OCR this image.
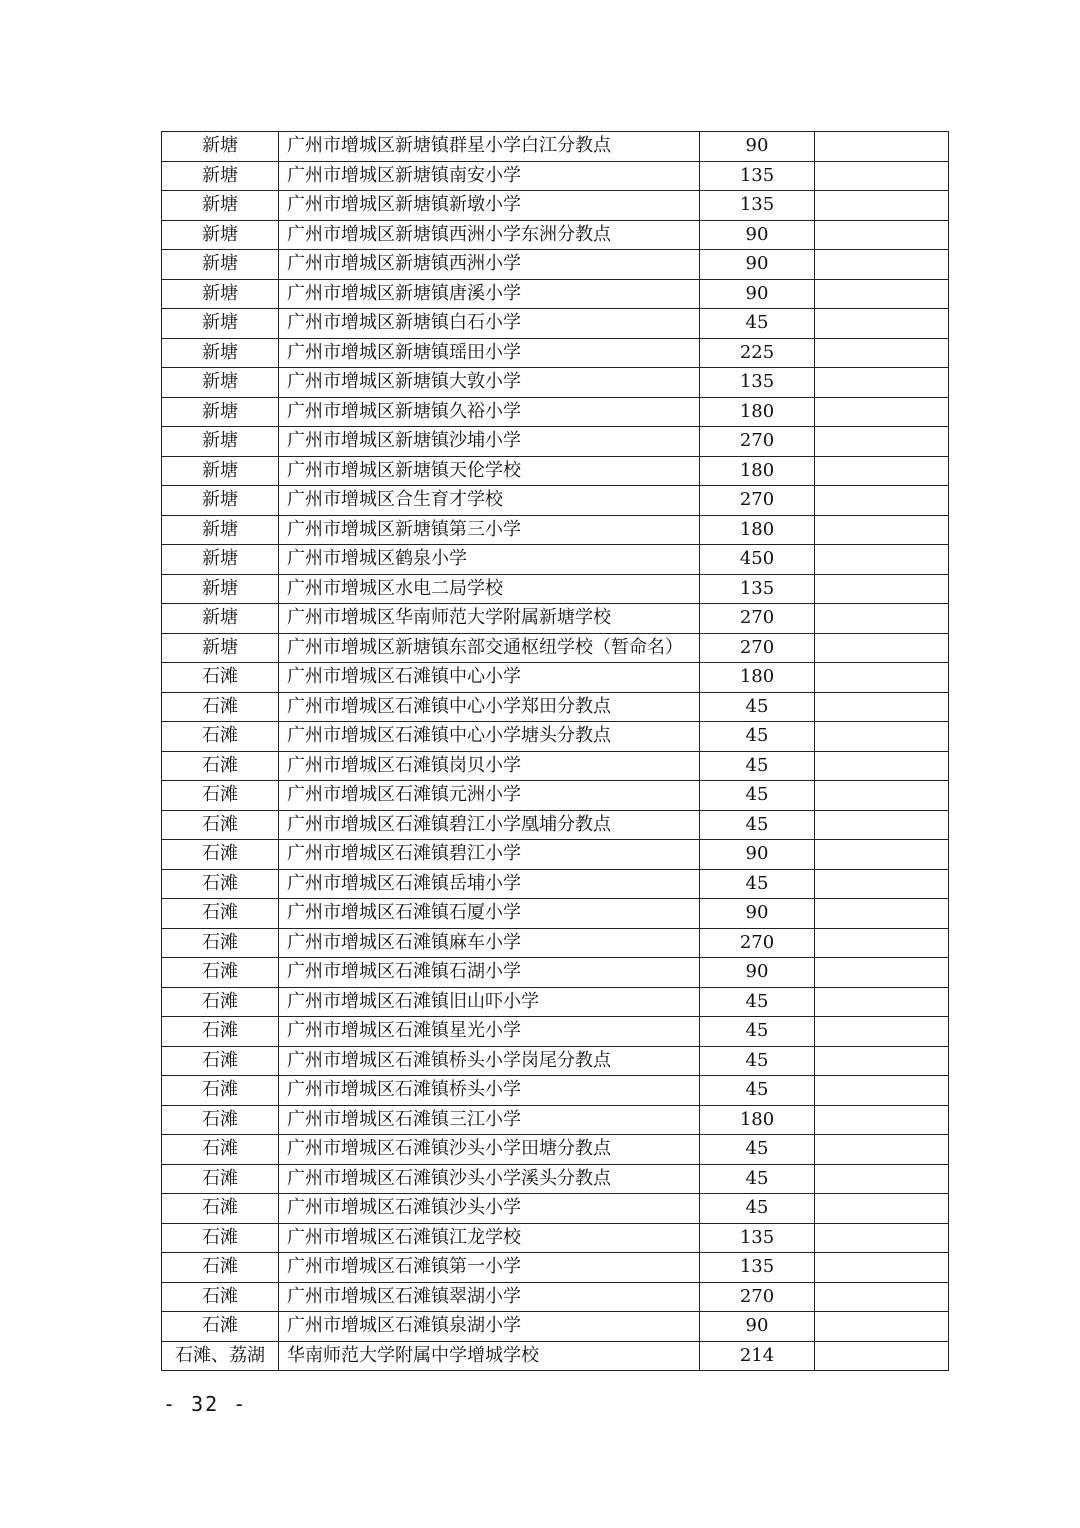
新塘	广州市增城区新塘镇群星小学白江分教点	90	
新塘	广州市增城区新塘镇南安小学	135	
新塘	广州市增城区新塘镇新墩小学	135	
新塘	广州市增城区新塘镇西洲小学东洲分教点	90	
新塘	广州市增城区新塘镇西洲小学	90	
新塘	广州市增城区新塘镇唐溪小学	90	
新塘	广州市增城区新塘镇白石小学	45	
新塘	广州市增城区新塘镇瑶田小学	225	
新塘	广州市增城区新塘镇大敦小学	135	
新塘	广州市增城区新塘镇久裕小学	180	
新塘	广州市增城区新塘镇沙埔小学	270	
新塘	广州市增城区新塘镇天伦学校	180	
新塘	广州市增城区合生育才学校	270	
新塘	广州市增城区新塘镇第三小学	180	
新塘	广州市增城区鹤泉小学	450	
新塘	广州市增城区水电二局学校	135	
新塘	广州市增城区华南师范大学附属新塘学校	270	
新塘	广州市增城区新塘镇东部交通枢纽学校（暂命名）	270	
石滩	广州市增城区石滩镇中心小学	180	
石滩	广州市增城区石滩镇中心小学郑田分教点	45	
石滩	广州市增城区石滩镇中心小学塘头分教点	45	
石滩	广州市增城区石滩镇岗贝小学	45	
石滩	广州市增城区石滩镇元洲小学	45	
石滩	广州市增城区石滩镇碧江小学凰埔分教点	45	
石滩	广州市增城区石滩镇碧江小学	90	
石滩	广州市增城区石滩镇岳埔小学	45	
石滩	广州市增城区石滩镇石厦小学	90	
石滩	广州市增城区石滩镇麻车小学	270	
石滩	广州市增城区石滩镇石湖小学	90	
石滩	广州市增城区石滩镇旧山吓小学	45	
石滩	广州市增城区石滩镇星光小学	45	
石滩	广州市增城区石滩镇桥头小学岗尾分教点	45	
石滩	广州市增城区石滩镇桥头小学	45	
石滩	广州市增城区石滩镇三江小学	180	
石滩	广州市增城区石滩镇沙头小学田塘分教点	45	
石滩	广州市增城区石滩镇沙头小学溪头分教点	45	
石滩	广州市增城区石滩镇沙头小学	45	
石滩	广州市增城区石滩镇江龙学校	135	
石滩	广州市增城区石滩镇第一小学	135	
石滩	广州市增城区石滩镇翠湖小学	270	
石滩	广州市增城区石滩镇泉湖小学	90	
石滩、荔湖	华南师范大学附属中学增城学校	214	
- 32 -
